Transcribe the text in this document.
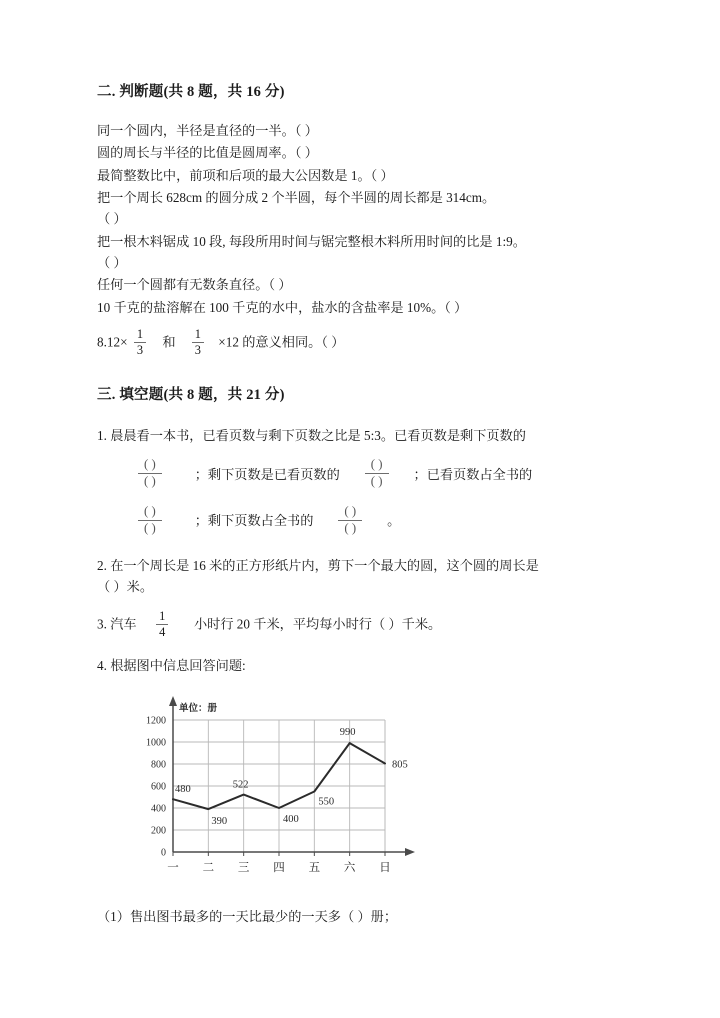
二. 判断题(共 8 题，共 16 分)

同一个圆内，半径是直径的一半。（ ）

圆的周长与半径的比值是圆周率。（ ）

最简整数比中，前项和后项的最大公因数是 1。（ ）

把一个周长 628cm 的圆分成 2 个半圆，每个半圆的周长都是 314cm。

（ ）

把一根木料锯成 10 段, 每段所用时间与锯完整根木料所用时间的比是 1:9。

（ ）

任何一个圆都有无数条直径。（ ）

10 千克的盐溶解在 100 千克的水中，盐水的含盐率是 10%。（ ）

$8.12\times \frac{1}{3}$ 和 $\frac{1}{3} \times 12$ 的意义相同。（ ）

三. 填空题(共 8 题，共 21 分)

1. 晨晨看一本书，已看页数与剩下页数之比是 5:3。已看页数是剩下页数的

$\frac{( )}{( )}$	；剩下页数是已看页数的 $\frac{( )}{( )}$ ；已看页数占全书的
$\frac{( )}{( )}$	；剩下页数占全书的 $\frac{( )}{( )}$ 。

2. 在一个周长是 16 米的正方形纸片内，剪下一个最大的圆，这个圆的周长是

（ ）米。

3. 汽车 $\frac{1}{4}$ 小时行 20 千米，平均每小时行（ ）千米。

4. 根据图中信息回答问题:

单位：册
0
200
400
600
800
1000
1200
一 二 三 四 五 六 日
480
390
522
400
550
990
805

（1）售出图书最多的一天比最少的一天多（ ）册；
